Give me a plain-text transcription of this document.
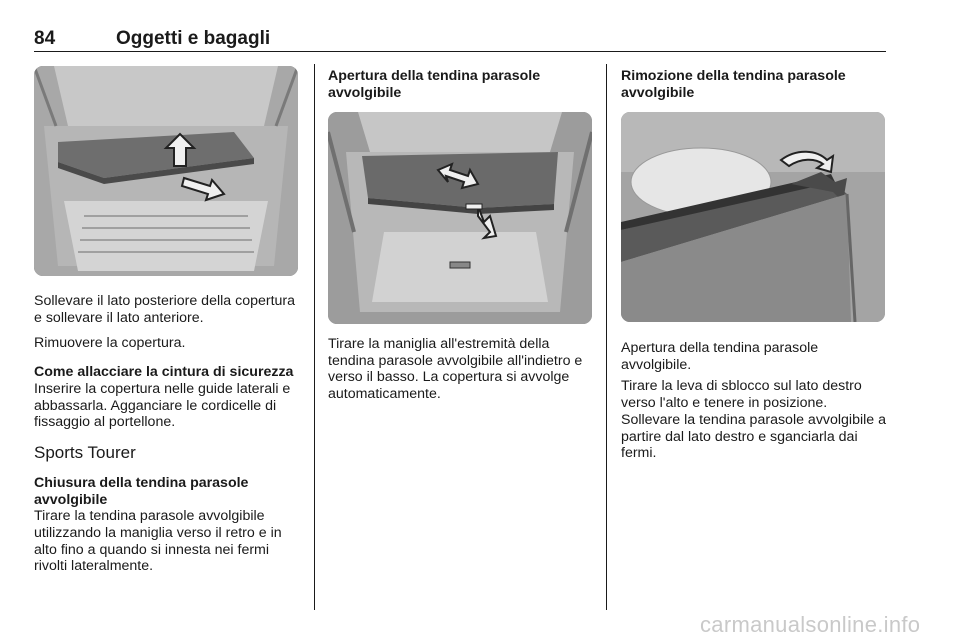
84	Oggetti e bagagli

Sollevare il lato posteriore della copertura e sollevare il lato anteriore.

Rimuovere la copertura.

Come allacciare la cintura di sicurezza

Inserire la copertura nelle guide laterali e abbassarla. Agganciare le cordicelle di fissaggio al portellone.

Sports Tourer

Chiusura della tendina parasole avvolgibile

Tirare la tendina parasole avvolgibile utilizzando la maniglia verso il retro e in alto fino a quando si innesta nei fermi rivolti lateralmente.

Apertura della tendina parasole avvolgibile

Tirare la maniglia all'estremità della tendina parasole avvolgibile all'indietro e verso il basso. La copertura si avvolge automaticamente.

Rimozione della tendina parasole avvolgibile

Apertura della tendina parasole avvolgibile.

Tirare la leva di sblocco sul lato destro verso l'alto e tenere in posizione. Sollevare la tendina parasole avvolgibile a partire dal lato destro e sganciarla dai fermi.

carmanualsonline.info
